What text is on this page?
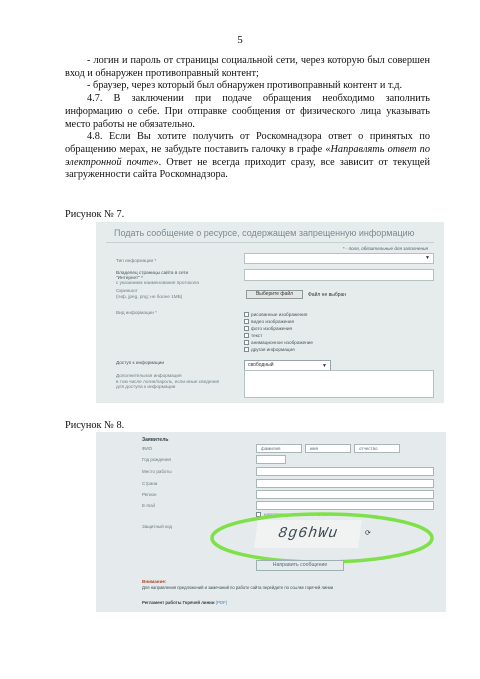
5

- логин и пароль от страницы социальной сети, через которую был совершен вход и обнаружен противоправный контент;

- браузер, через который был обнаружен противоправный контент и т.д.

4.7. В заключении при подаче обращения необходимо заполнить информацию о себе. При отправке сообщения от физического лица указывать место работы не обязательно.

4.8. Если Вы хотите получить от Роскомнадзора ответ о принятых по обращению мерах, не забудьте поставить галочку в графе «Направлять ответ по электронной почте». Ответ не всегда приходит сразу, все зависит от текущей загруженности сайта Роскомнадзора.

Рисунок № 7.
Подать сообщение о ресурсе, содержащем запрещенную информацию
* - поля, обязательные для заполнения
Тип информации *	▼
Владелец страницы сайта в сети
"Интернет" *
с указанием наименования протокола
Скриншот
(гиф, jpeg, png; не более 1МБ)	Выберите файл	Файл не выбран
Вид информации *	рисованные изображения
видео изображения
фото изображения
текст
анимационное изображение
другая информация
Доступ к информации	свободный	▼
Дополнительная информация
в том числе логин/пароль, если иные сведения
для доступа к информации
Рисунок № 8.
Заявитель
ФИО	фамилия	имя	отчество
Год рождения
Место работы
Страна
Регион
E-mail
направлять ответ по эл. почте
Защитный код	8g6hWu	⟳
Направить сообщение
Внимание:
Для направления предложений и замечаний по работе сайта перейдите по ссылке горячей линии
Регламент работы Горячей линии (PDF)
